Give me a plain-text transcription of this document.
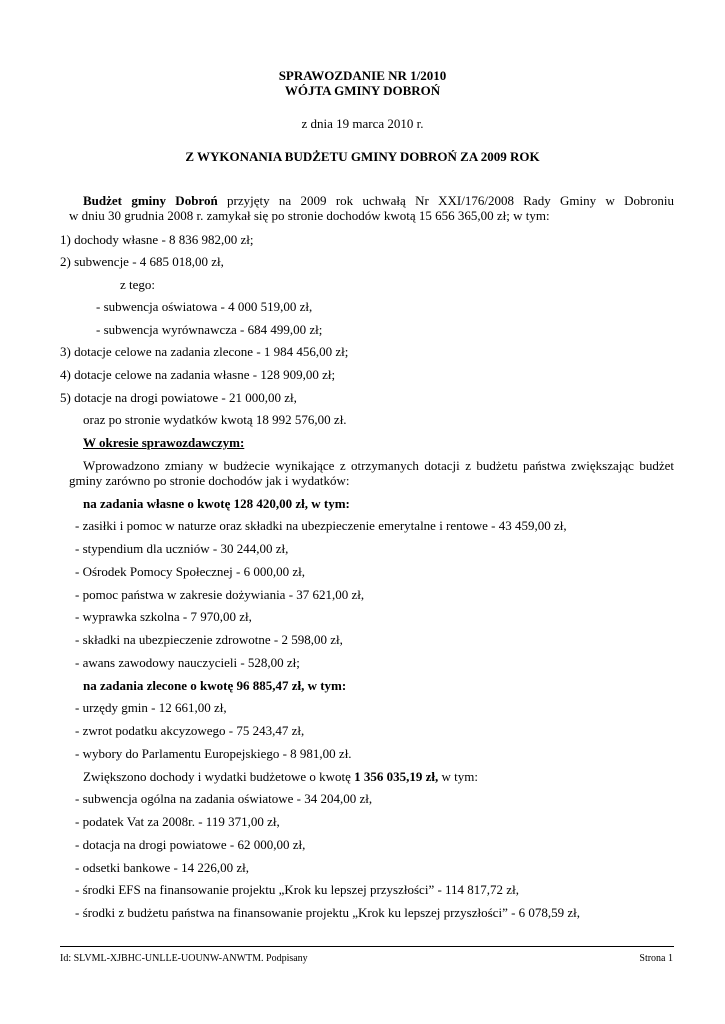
SPRAWOZDANIE NR 1/2010
WÓJTA GMINY DOBROŃ
z dnia 19 marca 2010 r.
Z WYKONANIA BUDŻETU GMINY DOBROŃ ZA 2009 ROK
Budżet gminy Dobroń przyjęty na 2009 rok uchwałą Nr XXI/176/2008 Rady Gminy w Dobroniu
w dniu 30 grudnia 2008 r. zamykał się po stronie dochodów kwotą 15 656 365,00 zł; w tym:
1) dochody własne - 8 836 982,00 zł;
2) subwencje - 4 685 018,00 zł,
z tego:
- subwencja oświatowa - 4 000 519,00 zł,
- subwencja wyrównawcza - 684 499,00 zł;
3) dotacje celowe na zadania zlecone - 1 984 456,00 zł;
4) dotacje celowe na zadania własne - 128 909,00 zł;
5) dotacje na drogi powiatowe - 21 000,00 zł,
oraz po stronie wydatków kwotą 18 992 576,00 zł.
W okresie sprawozdawczym:
Wprowadzono zmiany w budżecie wynikające z otrzymanych dotacji z budżetu państwa zwiększając budżet
gminy zarówno po stronie dochodów jak i wydatków:
na zadania własne o kwotę 128 420,00 zł, w tym:
- zasiłki i pomoc w naturze oraz składki na ubezpieczenie emerytalne i rentowe - 43 459,00 zł,
- stypendium dla uczniów - 30 244,00 zł,
- Ośrodek Pomocy Społecznej - 6 000,00 zł,
- pomoc państwa w zakresie dożywiania - 37 621,00 zł,
- wyprawka szkolna - 7 970,00 zł,
- składki na ubezpieczenie zdrowotne - 2 598,00 zł,
- awans zawodowy nauczycieli - 528,00 zł;
na zadania zlecone o kwotę 96 885,47 zł, w tym:
- urzędy gmin - 12 661,00 zł,
- zwrot podatku akcyzowego - 75 243,47 zł,
- wybory do Parlamentu Europejskiego - 8 981,00 zł.
Zwiększono dochody i wydatki budżetowe o kwotę 1 356 035,19 zł, w tym:
- subwencja ogólna na zadania oświatowe - 34 204,00 zł,
- podatek Vat za 2008r. - 119 371,00 zł,
- dotacja na drogi powiatowe - 62 000,00 zł,
- odsetki bankowe - 14 226,00 zł,
- środki EFS na finansowanie projektu „Krok ku lepszej przyszłości” - 114 817,72 zł,
- środki z budżetu państwa na finansowanie projektu „Krok ku lepszej przyszłości” - 6 078,59 zł,
Id: SLVML-XJBHC-UNLLE-UOUNW-ANWTM. Podpisany	Strona 1
